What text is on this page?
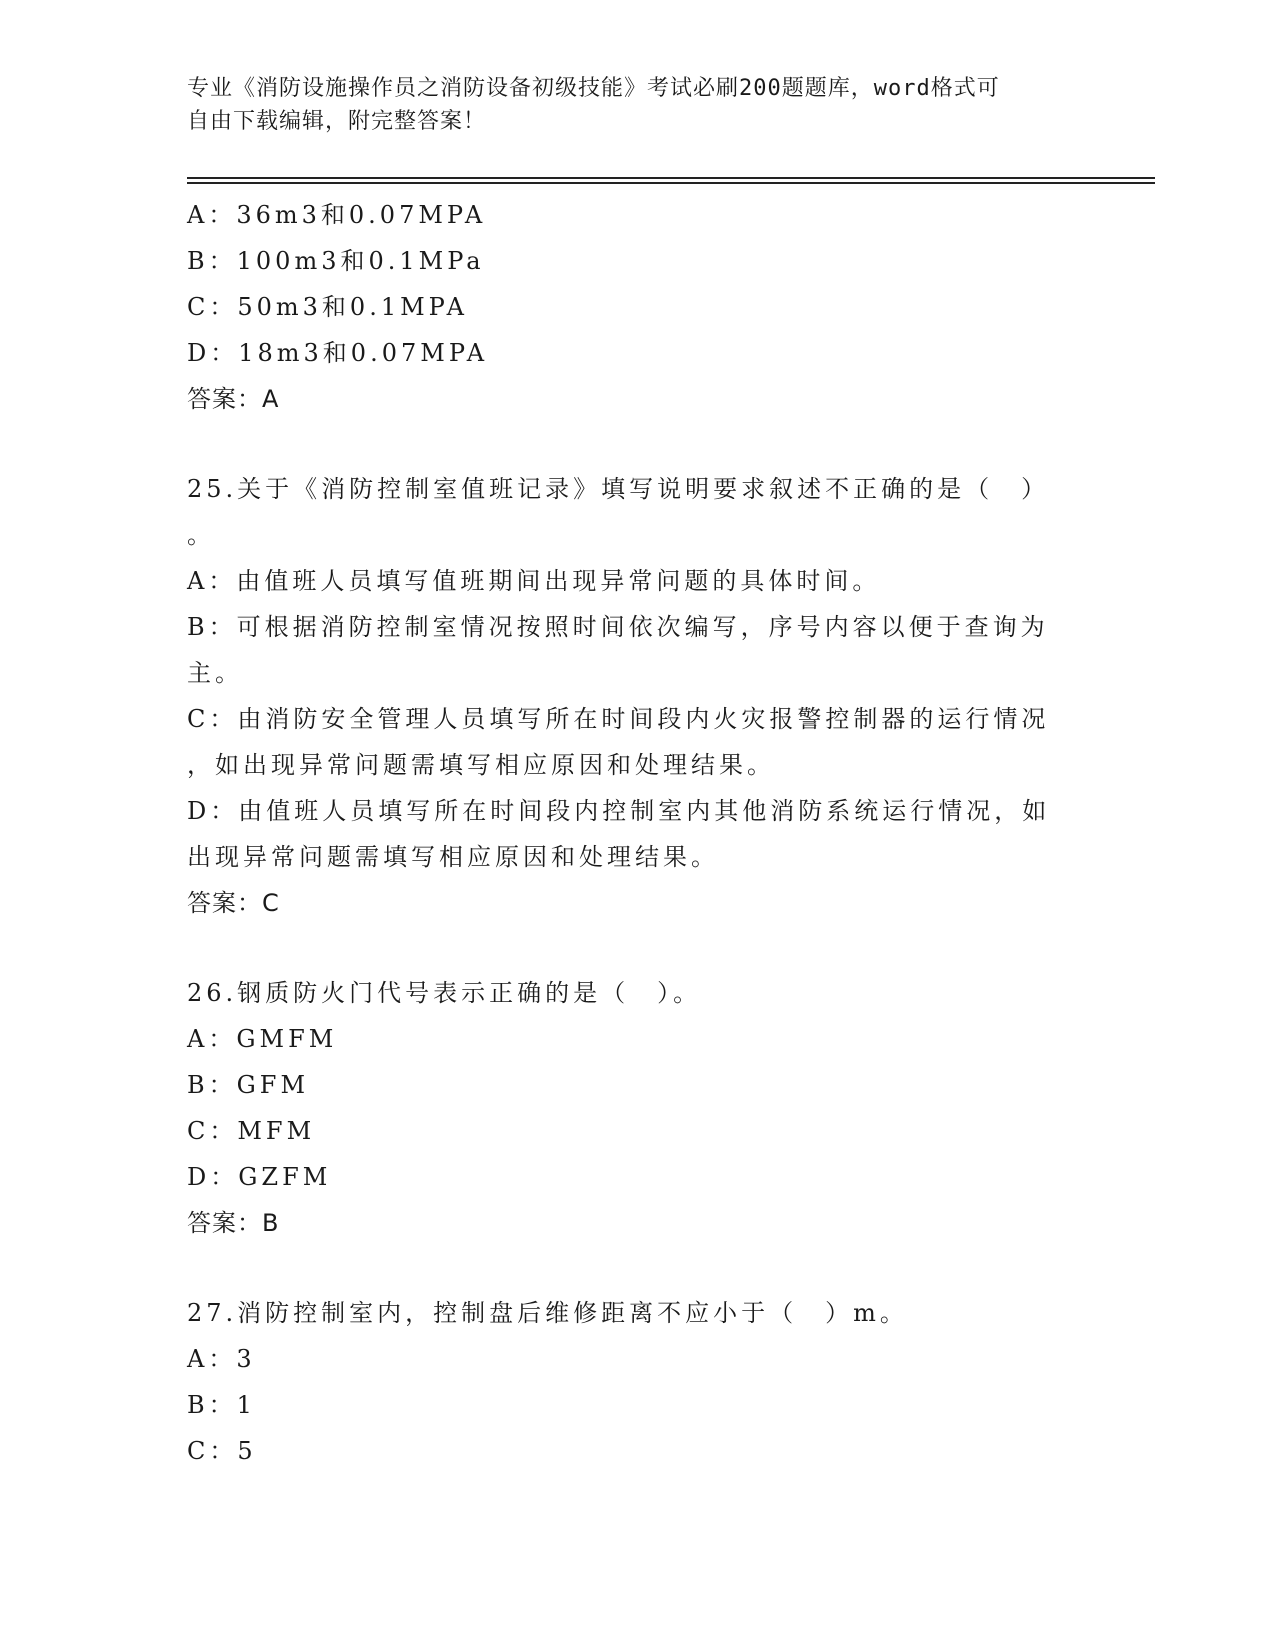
专业《消防设施操作员之消防设备初级技能》考试必刷200题题库，word格式可
自由下载编辑，附完整答案！
A：36m3和0.07MPA
B：100m3和0.1MPa
C：50m3和0.1MPA
D：18m3和0.07MPA
答案：A
25.关于《消防控制室值班记录》填写说明要求叙述不正确的是（　）
。
A：由值班人员填写值班期间出现异常问题的具体时间。
B：可根据消防控制室情况按照时间依次编写，序号内容以便于查询为
主。
C：由消防安全管理人员填写所在时间段内火灾报警控制器的运行情况
，如出现异常问题需填写相应原因和处理结果。
D：由值班人员填写所在时间段内控制室内其他消防系统运行情况，如
出现异常问题需填写相应原因和处理结果。
答案：C
26.钢质防火门代号表示正确的是（　）。
A：GMFM
B：GFM
C：MFM
D：GZFM
答案：B
27.消防控制室内，控制盘后维修距离不应小于（　）m。
A：3
B：1
C：5
